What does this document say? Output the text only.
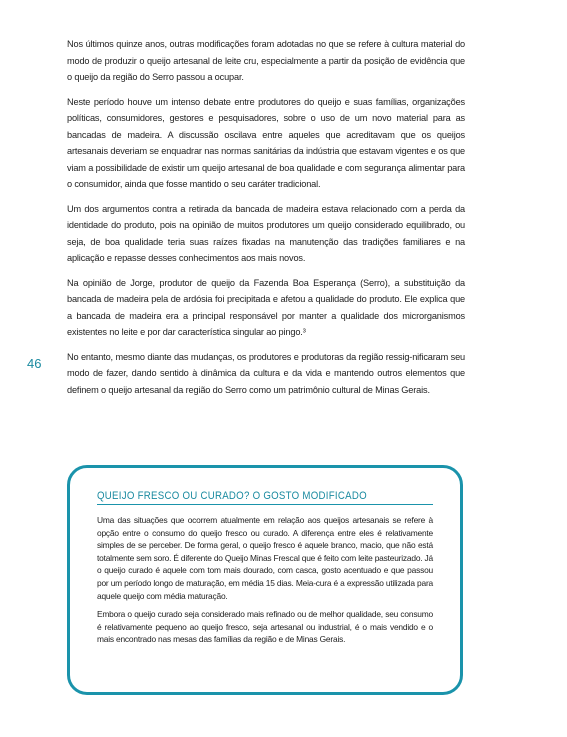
Nos últimos quinze anos, outras modificações foram adotadas no que se refere à cultura material do modo de produzir o queijo artesanal de leite cru, especialmente a partir da posição de evidência que o queijo da região do Serro passou a ocupar.

Neste período houve um intenso debate entre produtores do queijo e suas famílias, organizações políticas, consumidores, gestores e pesquisadores, sobre o uso de um novo material para as bancadas de madeira. A discussão oscilava entre aqueles que acreditavam que os queijos artesanais deveriam se enquadrar nas normas sanitárias da indústria que estavam vigentes e os que viam a possibilidade de existir um queijo artesanal de boa qualidade e com segurança alimentar para o consumidor, ainda que fosse mantido o seu caráter tradicional.

Um dos argumentos contra a retirada da bancada de madeira estava relacionado com a perda da identidade do produto, pois na opinião de muitos produtores um queijo considerado equilibrado, ou seja, de boa qualidade teria suas raízes fixadas na manutenção das tradições familiares e na aplicação e repasse desses conhecimentos aos mais novos.

Na opinião de Jorge, produtor de queijo da Fazenda Boa Esperança (Serro), a substituição da bancada de madeira pela de ardósia foi precipitada e afetou a qualidade do produto. Ele explica que a bancada de madeira era a principal responsável por manter a qualidade dos microrganismos existentes no leite e por dar característica singular ao pingo.³

No entanto, mesmo diante das mudanças, os produtores e produtoras da região ressig-nificaram seu modo de fazer, dando sentido à dinâmica da cultura e da vida e mantendo outros elementos que definem o queijo artesanal da região do Serro como um patrimônio cultural de Minas Gerais.

46
QUEIJO FRESCO OU CURADO? O GOSTO MODIFICADO

Uma das situações que ocorrem atualmente em relação aos queijos artesanais se refere à opção entre o consumo do queijo fresco ou curado. A diferença entre eles é relativamente simples de se perceber. De forma geral, o queijo fresco é aquele branco, macio, que não está totalmente sem soro. É diferente do Queijo Minas Frescal que é feito com leite pasteurizado. Já o queijo curado é aquele com tom mais dourado, com casca, gosto acentuado e que passou por um período longo de maturação, em média 15 dias. Meia-cura é a expressão utilizada para aquele queijo com média maturação.

Embora o queijo curado seja considerado mais refinado ou de melhor qualidade, seu consumo é relativamente pequeno ao queijo fresco, seja artesanal ou industrial, é o mais vendido e o mais encontrado nas mesas das famílias da região e de Minas Gerais.
